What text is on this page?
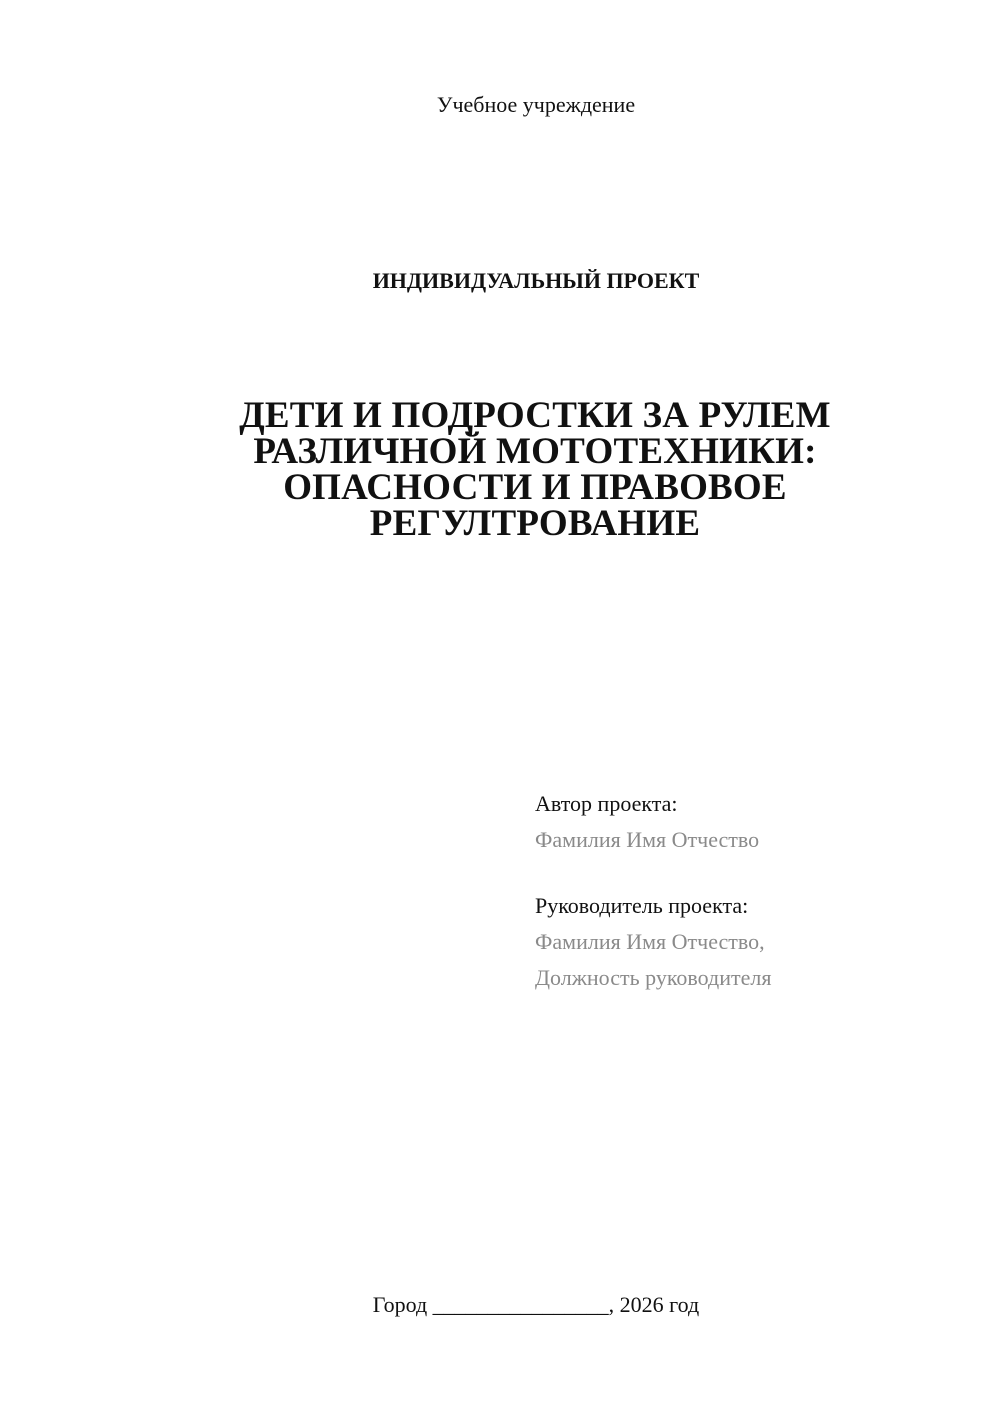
Учебное учреждение
ИНДИВИДУАЛЬНЫЙ ПРОЕКТ
ДЕТИ И ПОДРОСТКИ ЗА РУЛЕМ
РАЗЛИЧНОЙ МОТОТЕХНИКИ:
ОПАСНОСТИ И ПРАВОВОЕ
РЕГУЛТРОВАНИЕ
Автор проекта:
Фамилия Имя Отчество
Руководитель проекта:
Фамилия Имя Отчество,
Должность руководителя
Город ________________, 2026 год
